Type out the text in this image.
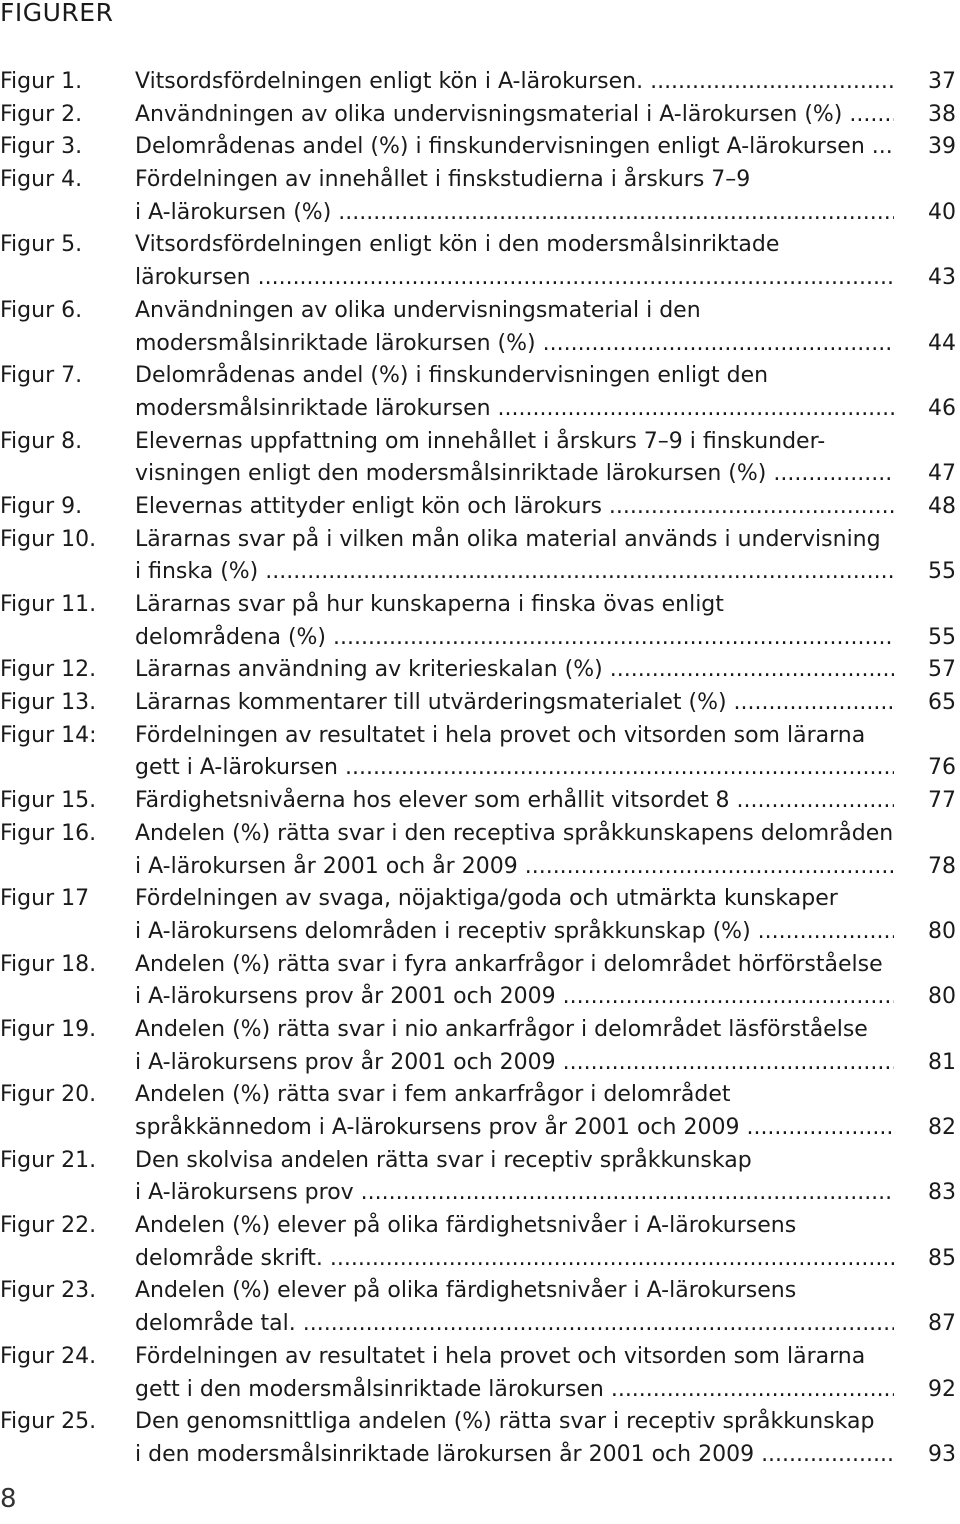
FIGURER
Figur 1. Vitsordsfördelningen enligt kön i A-lärokursen. .....	37
Figur 2. Användningen av olika undervisningsmaterial i A-lärokursen (%) .....	38
Figur 3. Delområdenas andel (%) i finskundervisningen enligt A-lärokursen .....	39
Figur 4. Fördelningen av innehållet i finskstudierna i årskurs 7–9
i A-lärokursen (%) .....	40
Figur 5. Vitsordsfördelningen enligt kön i den modersmålsinriktade
lärokursen .....	43
Figur 6. Användningen av olika undervisningsmaterial i den
modersmålsinriktade lärokursen (%) .....	44
Figur 7. Delområdenas andel (%) i finskundervisningen enligt den
modersmålsinriktade lärokursen .....	46
Figur 8. Elevernas uppfattning om innehållet i årskurs 7–9 i finskunder-
visningen enligt den modersmålsinriktade lärokursen (%) .....	47
Figur 9. Elevernas attityder enligt kön och lärokurs .....	48
Figur 10. Lärarnas svar på i vilken mån olika material används i undervisning
i finska (%) .....	55
Figur 11. Lärarnas svar på hur kunskaperna i finska övas enligt
delområdena (%) .....	55
Figur 12. Lärarnas användning av kriterieskalan (%) .....	57
Figur 13. Lärarnas kommentarer till utvärderingsmaterialet (%) .....	65
Figur 14: Fördelningen av resultatet i hela provet och vitsorden som lärarna
gett i A-lärokursen .....	76
Figur 15. Färdighetsnivåerna hos elever som erhållit vitsordet 8 .....	77
Figur 16. Andelen (%) rätta svar i den receptiva språkkunskapens delområden
i A-lärokursen år 2001 och år 2009 .....	78
Figur 17 Fördelningen av svaga, nöjaktiga/goda och utmärkta kunskaper
i A-lärokursens delområden i receptiv språkkunskap (%) .....	80
Figur 18. Andelen (%) rätta svar i fyra ankarfrågor i delområdet hörförståelse
i A-lärokursens prov år 2001 och 2009 .....	80
Figur 19. Andelen (%) rätta svar i nio ankarfrågor i delområdet läsförståelse
i A-lärokursens prov år 2001 och 2009 .....	81
Figur 20. Andelen (%) rätta svar i fem ankarfrågor i delområdet
språkkännedom i A-lärokursens prov år 2001 och 2009 .....	82
Figur 21. Den skolvisa andelen rätta svar i receptiv språkkunskap
i A-lärokursens prov .....	83
Figur 22. Andelen (%) elever på olika färdighetsnivåer i A-lärokursens
delområde skrift. .....	85
Figur 23. Andelen (%) elever på olika färdighetsnivåer i A-lärokursens
delområde tal. .....	87
Figur 24. Fördelningen av resultatet i hela provet och vitsorden som lärarna
gett i den modersmålsinriktade lärokursen .....	92
Figur 25. Den genomsnittliga andelen (%) rätta svar i receptiv språkkunskap
i den modersmålsinriktade lärokursen år 2001 och 2009 .....	93
8
